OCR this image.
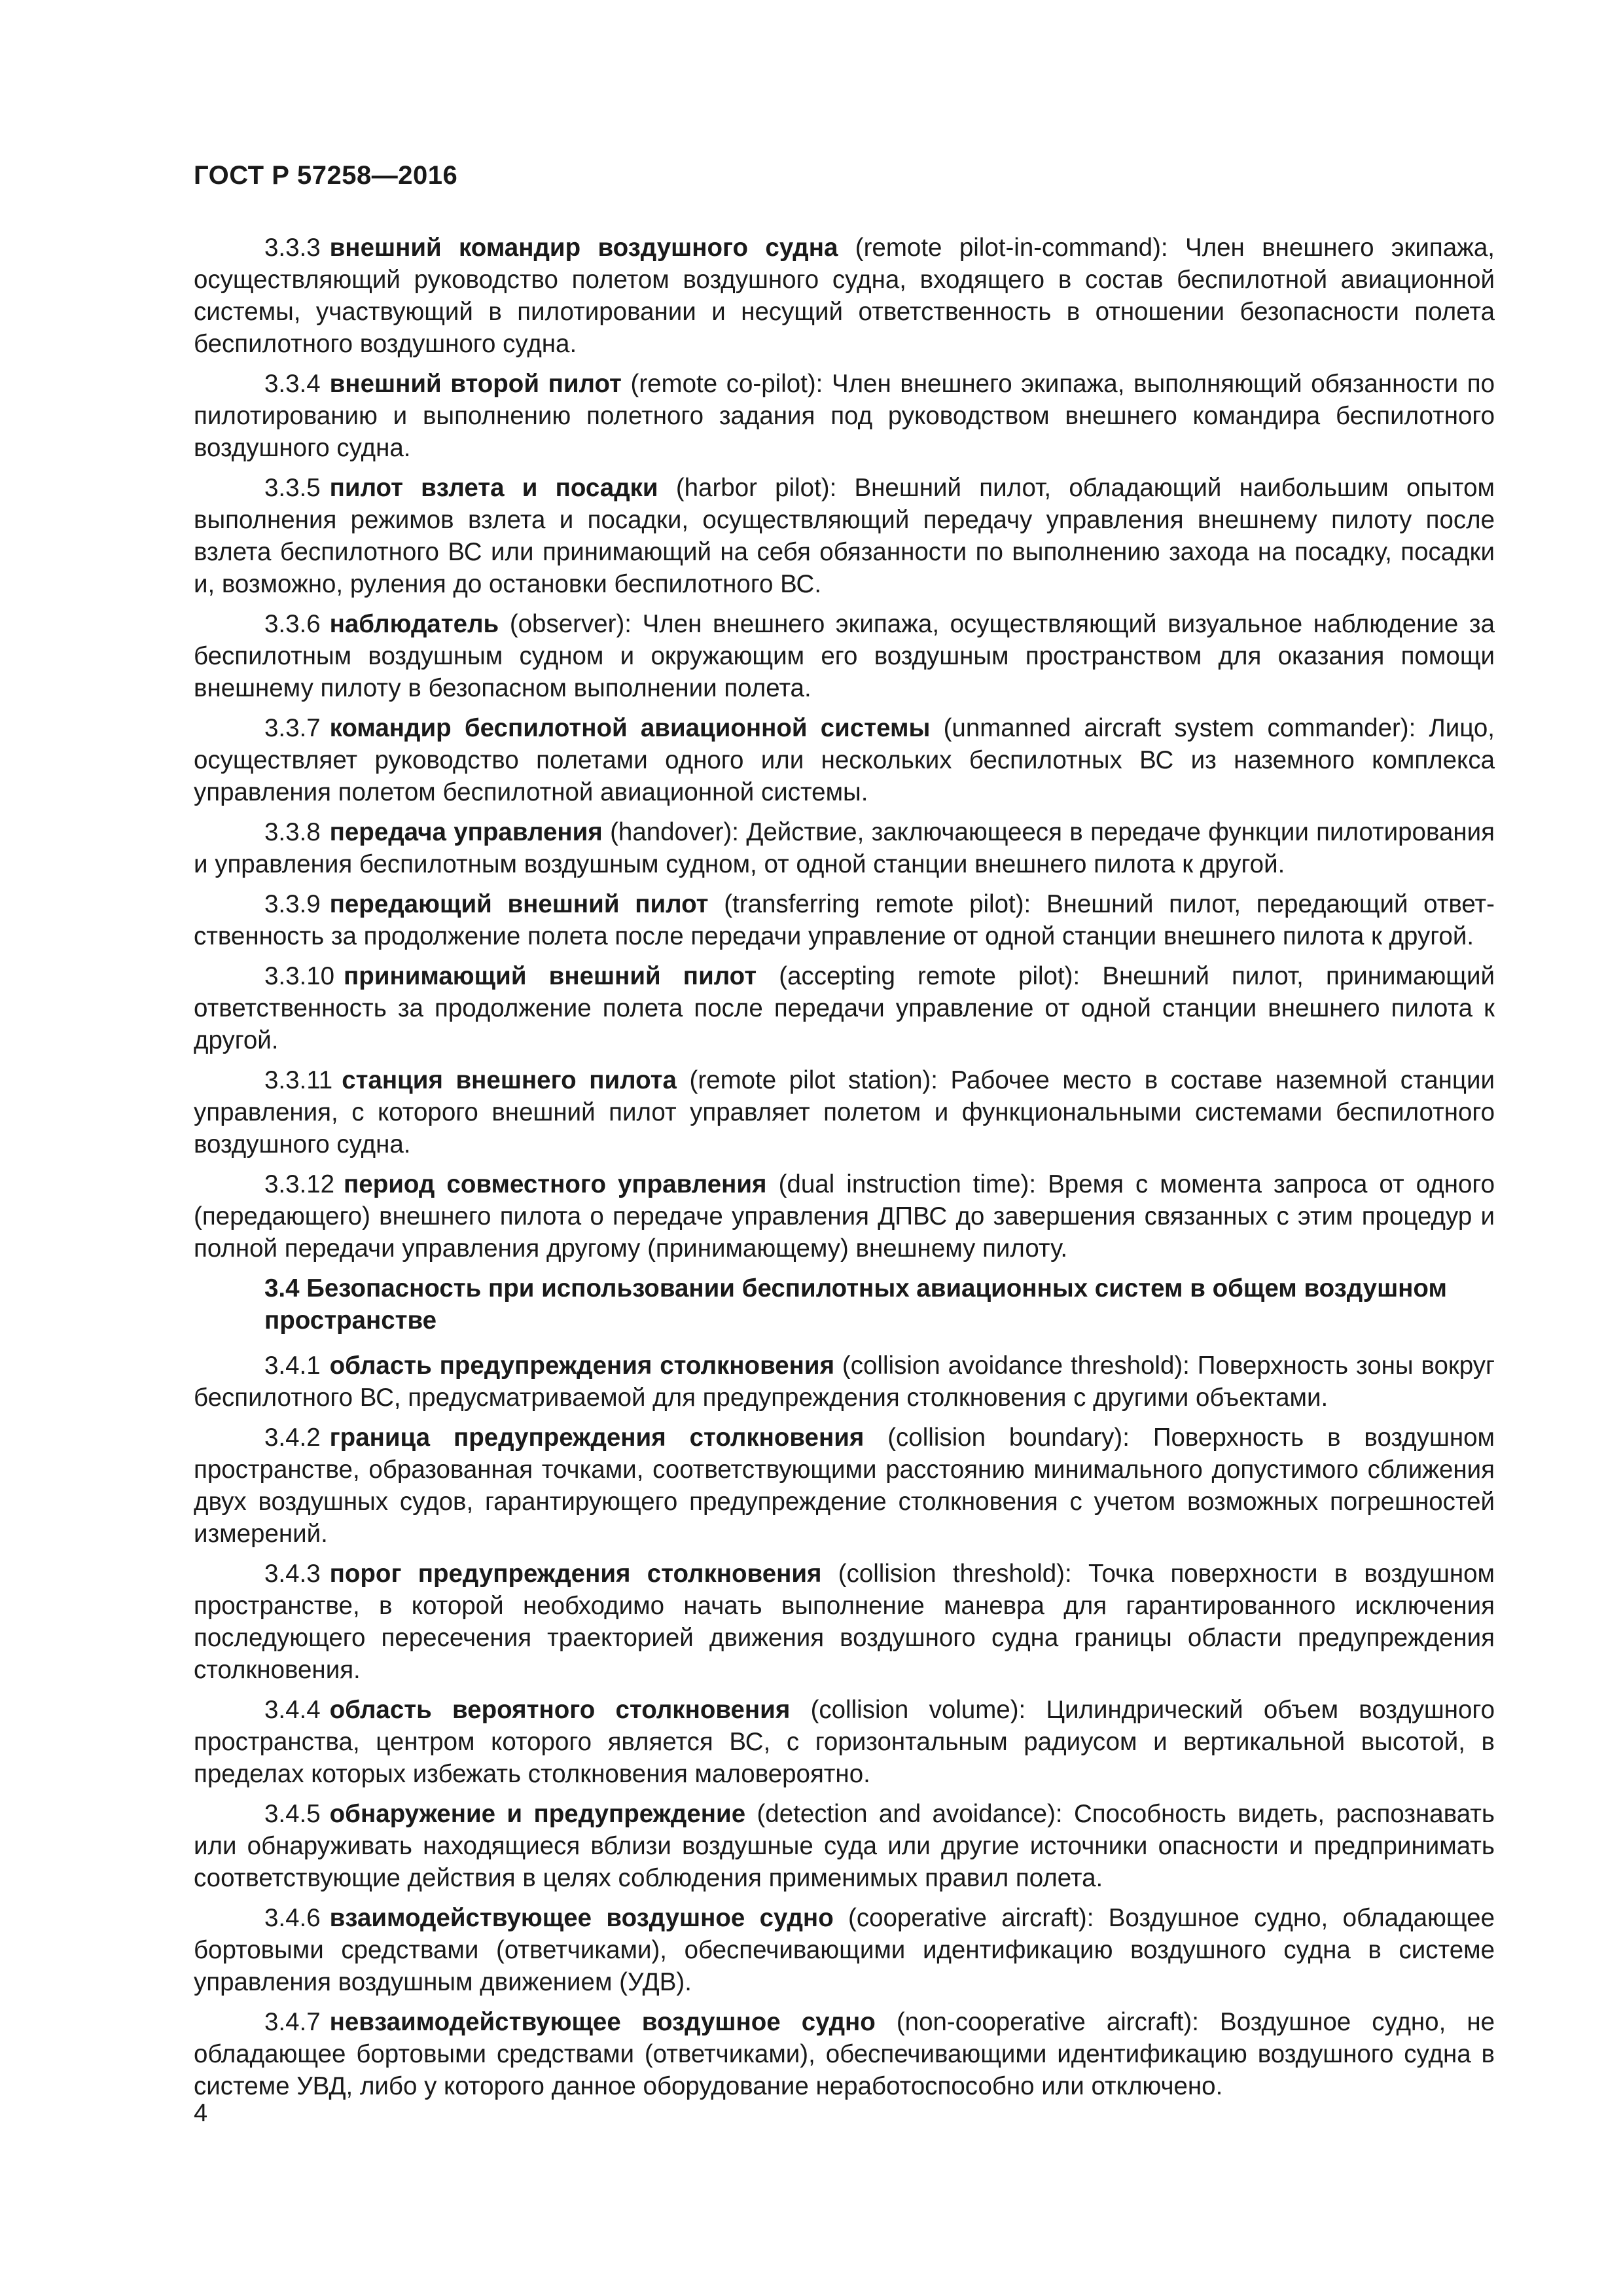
ГОСТ Р 57258—2016

3.3.3 внешний командир воздушного судна (remote pilot-in-command): Член внешнего экипажа, осуществляющий руководство полетом воздушного судна, входящего в состав беспилотной авиационной системы, участвующий в пилотировании и несущий ответственность в отношении безопасности полета беспилотного воздушного судна.

3.3.4 внешний второй пилот (remote co-pilot): Член внешнего экипажа, выполняющий обязанности по пилотированию и выполнению полетного задания под руководством внешнего командира беспилотного воздушного судна.

3.3.5 пилот взлета и посадки (harbor pilot): Внешний пилот, обладающий наибольшим опытом выполнения режимов взлета и посадки, осуществляющий передачу управления внешнему пилоту после взлета беспилотного ВС или принимающий на себя обязанности по выполнению захода на посадку, посадки и, возможно, руления до остановки беспилотного ВС.

3.3.6 наблюдатель (observer): Член внешнего экипажа, осуществляющий визуальное наблюдение за беспилотным воздушным судном и окружающим его воздушным пространством для оказания помощи внешнему пилоту в безопасном выполнении полета.

3.3.7 командир беспилотной авиационной системы (unmanned aircraft system commander): Лицо, осуществляет руководство полетами одного или нескольких беспилотных ВС из наземного комплекса управления полетом беспилотной авиационной системы.

3.3.8 передача управления (handover): Действие, заключающееся в передаче функции пилотирования и управления беспилотным воздушным судном, от одной станции внешнего пилота к другой.

3.3.9 передающий внешний пилот (transferring remote pilot): Внешний пилот, передающий ответственность за продолжение полета после передачи управление от одной станции внешнего пилота к другой.

3.3.10 принимающий внешний пилот (accepting remote pilot): Внешний пилот, принимающий ответственность за продолжение полета после передачи управление от одной станции внешнего пилота к другой.

3.3.11 станция внешнего пилота (remote pilot station): Рабочее место в составе наземной станции управления, с которого внешний пилот управляет полетом и функциональными системами беспилотного воздушного судна.

3.3.12 период совместного управления (dual instruction time): Время с момента запроса от одного (передающего) внешнего пилота о передаче управления ДПВС до завершения связанных с этим процедур и полной передачи управления другому (принимающему) внешнему пилоту.

3.4 Безопасность при использовании беспилотных авиационных систем в общем воздушном пространстве

3.4.1 область предупреждения столкновения (collision avoidance threshold): Поверхность зоны вокруг беспилотного ВС, предусматриваемой для предупреждения столкновения с другими объектами.

3.4.2 граница предупреждения столкновения (collision boundary): Поверхность в воздушном пространстве, образованная точками, соответствующими расстоянию минимального допустимого сближения двух воздушных судов, гарантирующего предупреждение столкновения с учетом возможных погрешностей измерений.

3.4.3 порог предупреждения столкновения (collision threshold): Точка поверхности в воздушном пространстве, в которой необходимо начать выполнение маневра для гарантированного исключения последующего пересечения траекторией движения воздушного судна границы области предупреждения столкновения.

3.4.4 область вероятного столкновения (collision volume): Цилиндрический объем воздушного пространства, центром которого является ВС, с горизонтальным радиусом и вертикальной высотой, в пределах которых избежать столкновения маловероятно.

3.4.5 обнаружение и предупреждение (detection and avoidance): Способность видеть, распознавать или обнаруживать находящиеся вблизи воздушные суда или другие источники опасности и предпринимать соответствующие действия в целях соблюдения применимых правил полета.

3.4.6 взаимодействующее воздушное судно (cooperative aircraft): Воздушное судно, обладающее бортовыми средствами (ответчиками), обеспечивающими идентификацию воздушного судна в системе управления воздушным движением (УДВ).

3.4.7 невзаимодействующее воздушное судно (non-cooperative aircraft): Воздушное судно, не обладающее бортовыми средствами (ответчиками), обеспечивающими идентификацию воздушного судна в системе УВД, либо у которого данное оборудование неработоспособно или отключено.

4
